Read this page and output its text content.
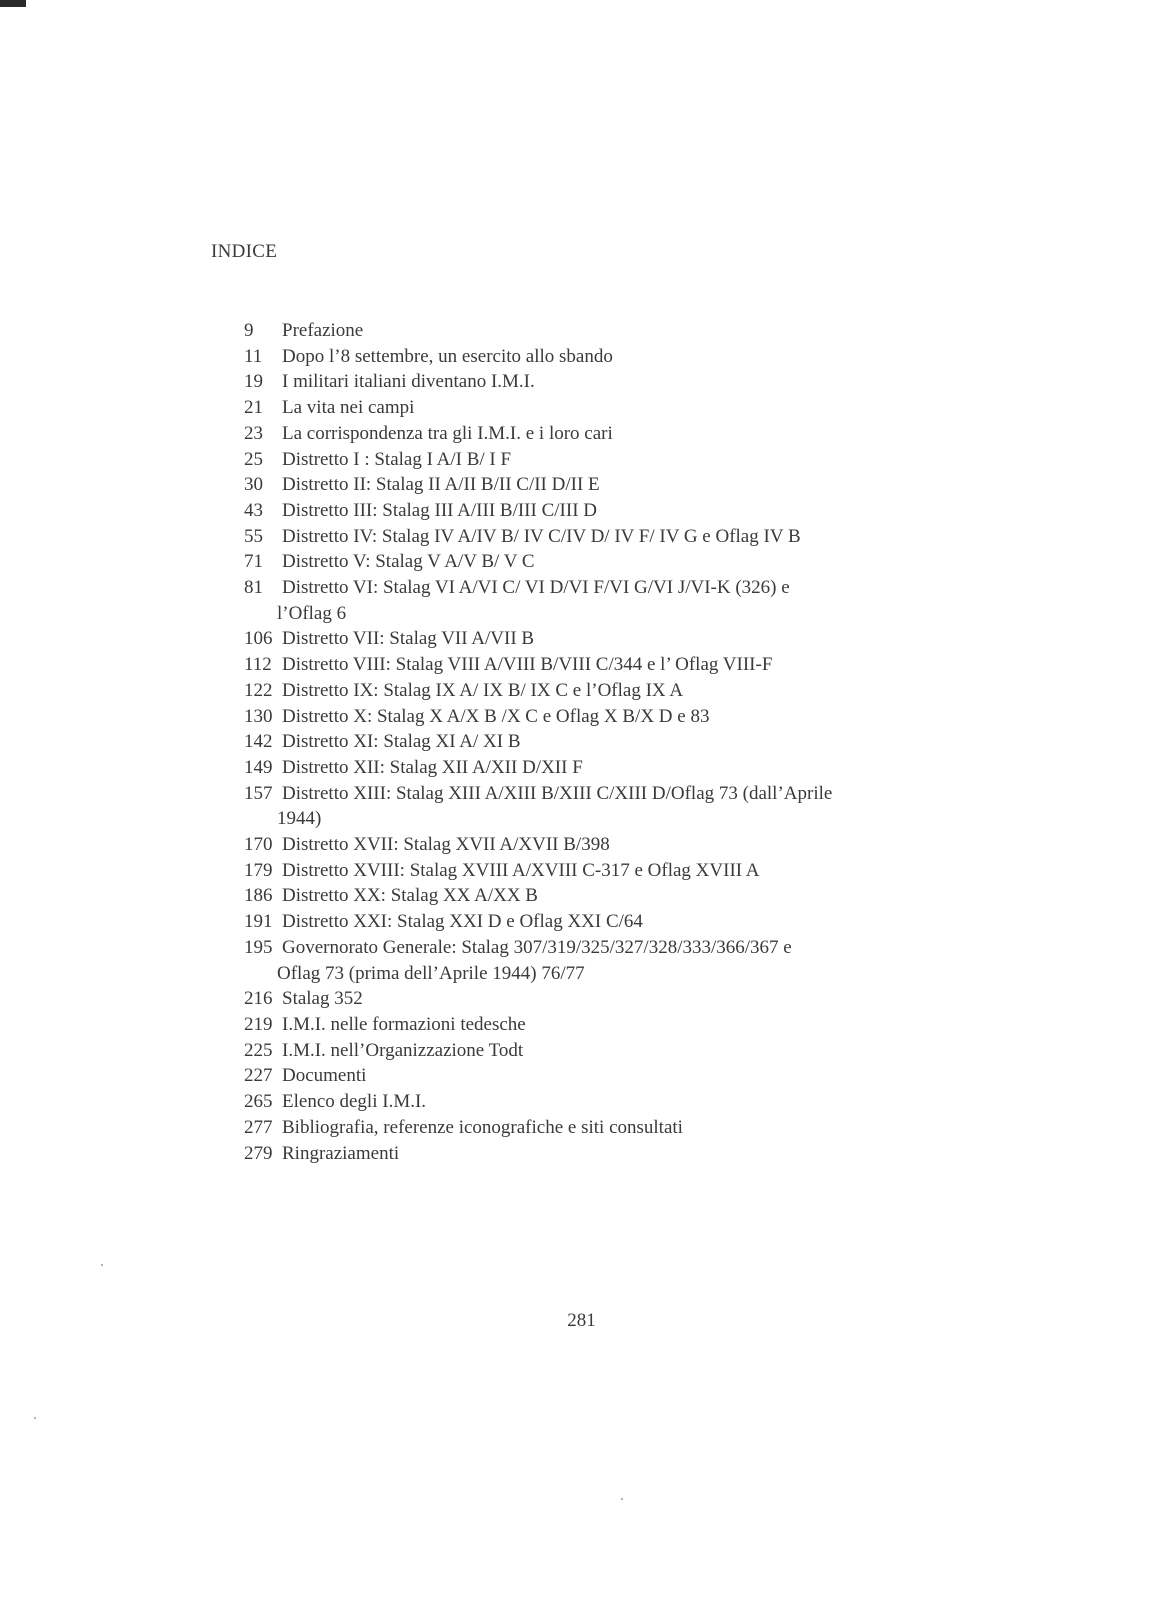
INDICE
9	Prefazione
11	Dopo l’8 settembre, un esercito allo sbando
19	I militari italiani diventano I.M.I.
21	La vita nei campi
23	La corrispondenza tra gli I.M.I. e i loro cari
25	Distretto I : Stalag I A/I B/ I F
30	Distretto II: Stalag II A/II B/II C/II D/II E
43	Distretto III: Stalag III A/III B/III C/III D
55	Distretto IV: Stalag IV A/IV B/ IV C/IV D/ IV F/ IV G e Oflag IV B
71	Distretto V: Stalag V A/V B/ V C
81	Distretto VI: Stalag VI A/VI C/ VI D/VI F/VI G/VI J/VI-K (326) e
l’Oflag 6
106 Distretto VII: Stalag VII A/VII B
112 Distretto VIII: Stalag VIII A/VIII B/VIII C/344 e l’ Oflag VIII-F
122 Distretto IX: Stalag IX A/ IX B/ IX C e l’Oflag IX A
130 Distretto X: Stalag X A/X B /X C e Oflag X B/X D e 83
142 Distretto XI: Stalag XI A/ XI B
149 Distretto XII: Stalag XII A/XII D/XII F
157 Distretto XIII: Stalag XIII A/XIII B/XIII C/XIII D/Oflag 73 (dall’Aprile
1944)
170 Distretto XVII: Stalag XVII A/XVII B/398
179 Distretto XVIII: Stalag XVIII A/XVIII C-317 e Oflag XVIII A
186 Distretto XX: Stalag XX A/XX B
191 Distretto XXI: Stalag XXI D e Oflag XXI C/64
195 Governorato Generale: Stalag 307/319/325/327/328/333/366/367 e
Oflag 73 (prima dell’Aprile 1944) 76/77
216 Stalag 352
219 I.M.I. nelle formazioni tedesche
225 I.M.I. nell’Organizzazione Todt
227 Documenti
265 Elenco degli I.M.I.
277 Bibliografia, referenze iconografiche e siti consultati
279 Ringraziamenti
281
